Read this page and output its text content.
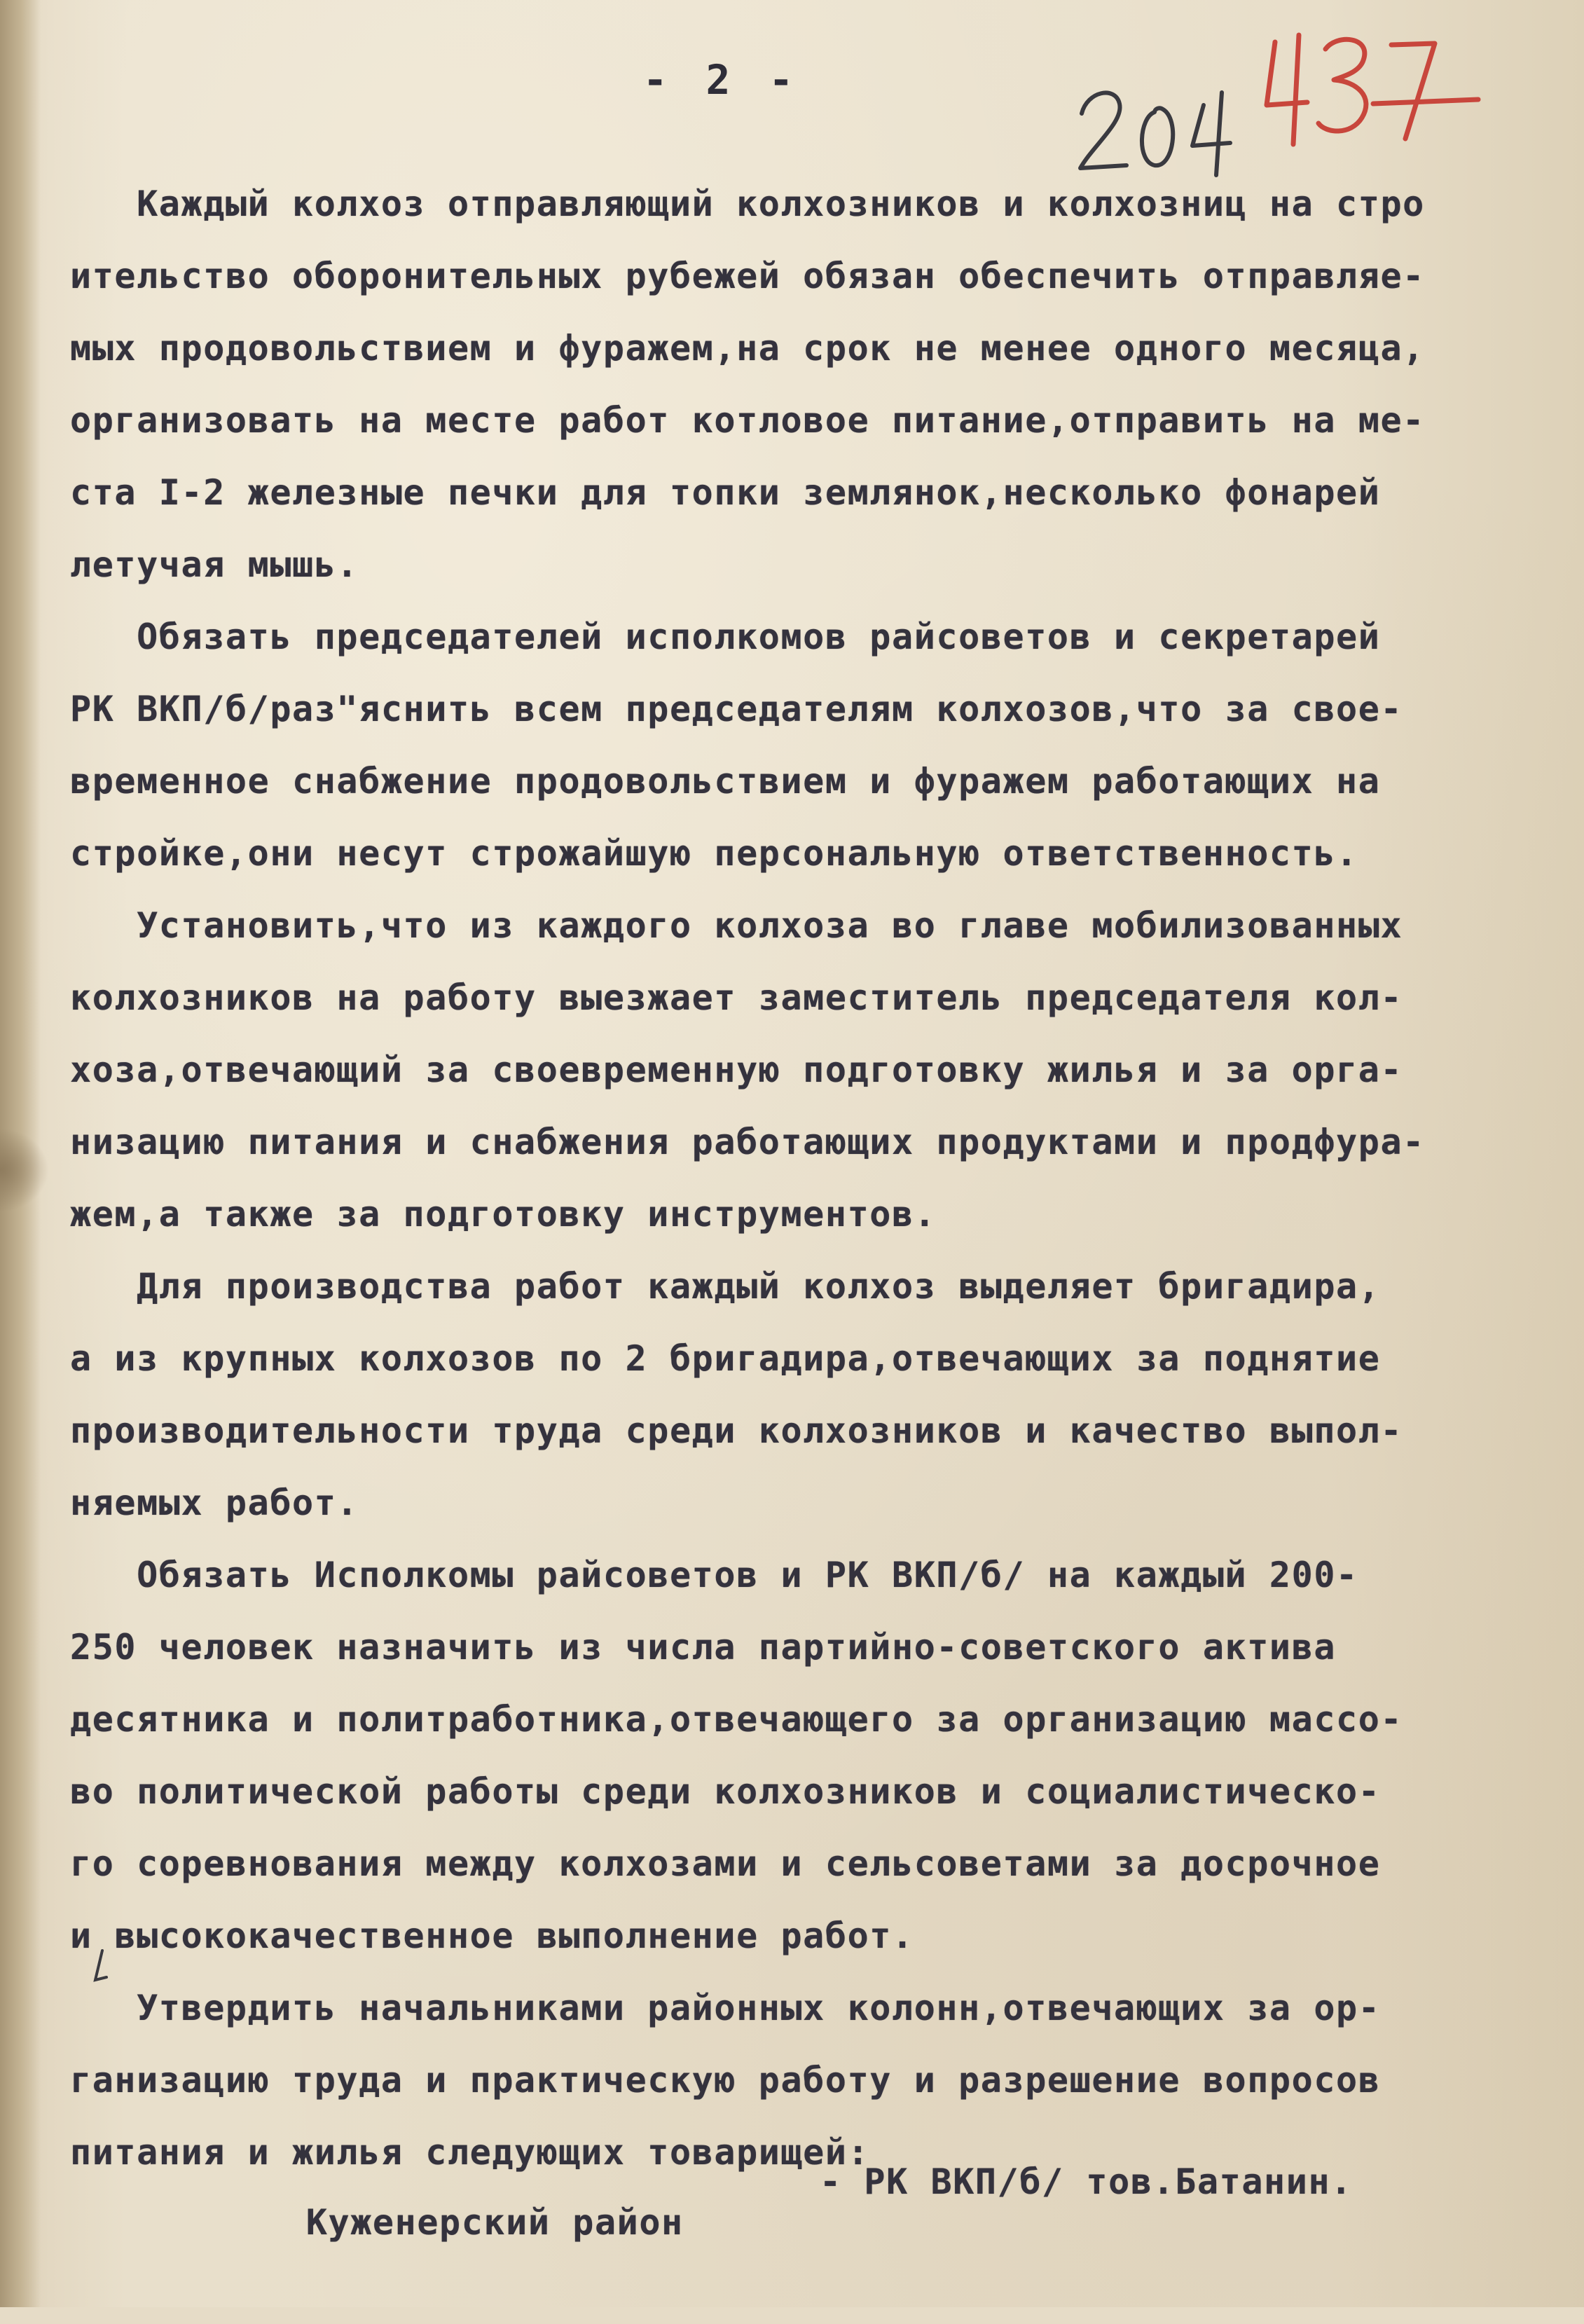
- 2 -
Каждый колхоз отправляющий колхозников и колхозниц на стро
ительство оборонительных рубежей обязан обеспечить отправляе-
мых продовольствием и фуражем,на срок не менее одного месяца,
организовать на месте работ котловое питание,отправить на ме-
ста I-2 железные печки для топки землянок,несколько фонарей
летучая мышь.
Обязать председателей исполкомов райсоветов и секретарей
РК ВКП/б/раз"яснить всем председателям колхозов,что за свое-
временное снабжение продовольствием и фуражем работающих на
стройке,они несут строжайшую персональную ответственность.
Установить,что из каждого колхоза во главе мобилизованных
колхозников на работу выезжает заместитель председателя кол-
хоза,отвечающий за своевременную подготовку жилья и за орга-
низацию питания и снабжения работающих продуктами и продфура-
жем,а также за подготовку инструментов.
Для производства работ каждый колхоз выделяет бригадира,
а из крупных колхозов по 2 бригадира,отвечающих за поднятие
производительности труда среди колхозников и качество выпол-
няемых работ.
Обязать Исполкомы райсоветов и РК ВКП/б/ на каждый 200-
250 человек назначить из числа партийно-советского актива
десятника и политработника,отвечающего за организацию массо-
во политической работы среди колхозников и социалистическо-
го соревнования между колхозами и сельсоветами за досрочное
и высококачественное выполнение работ.
Утвердить начальниками районных колонн,отвечающих за ор-
ганизацию труда и практическую работу и разрешение вопросов
питания и жилья следующих товарищей:

Куженерский район

- РК ВКП/б/ тов.Батанин.
